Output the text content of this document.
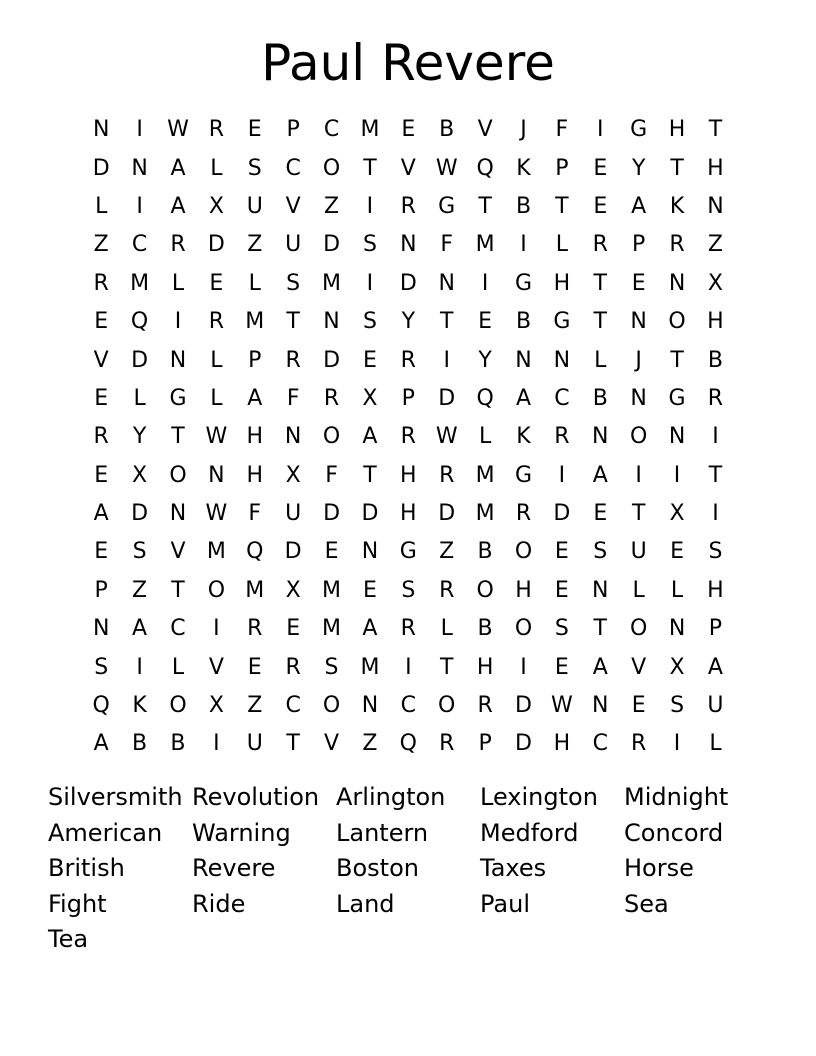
Paul Revere
N	I	W R	E	P	C M E	B	V	J	F	I	G H	T
D N	A	L	S	C	O	T	V W Q	K	P	E	Y	T	H
L	I	A	X	U	V	Z	I	R	G	T	B	T	E	A	K	N
Z	C	R	D	Z	U D	S	N	F	M	I	L	R	P	R	Z
R M	L	E	L	S M	I	D N	I	G H	T	E	N	X
E	Q	I	R M	T	N	S	Y	T	E	B	G	T	N O H
V	D N	L	P	R	D	E	R	I	Y	N N	L	J	T	B
E	L	G	L	A	F	R	X	P	D Q	A	C	B	N G	R
R	Y	T W H N O	A	R W L	K	R	N O N	I
E	X	O N H	X	F	T	H	R M G	I	A	I	I	T
A	D N W F	U D D H D M R	D	E	T	X	I
E	S	V M Q D	E	N G	Z	B	O	E	S	U	E	S
P	Z	T	O M X M E	S	R	O H	E	N	L	L	H
N	A	C	I	R	E M A	R	L	B	O	S	T	O N	P
S	I	L	V	E	R	S M	I	T	H	I	E	A	V	X	A
Q	K	O	X	Z	C	O N	C	O	R	D W N	E	S	U
A	B	B	I	U	T	V	Z	Q	R	P	D H	C	R	I	L
Silversmith Revolution Arlington	Lexington	Midnight
American	Warning	Lantern	Medford	Concord
British	Revere	Boston	Taxes	Horse
Fight	Ride	Land	Paul	Sea
Tea
